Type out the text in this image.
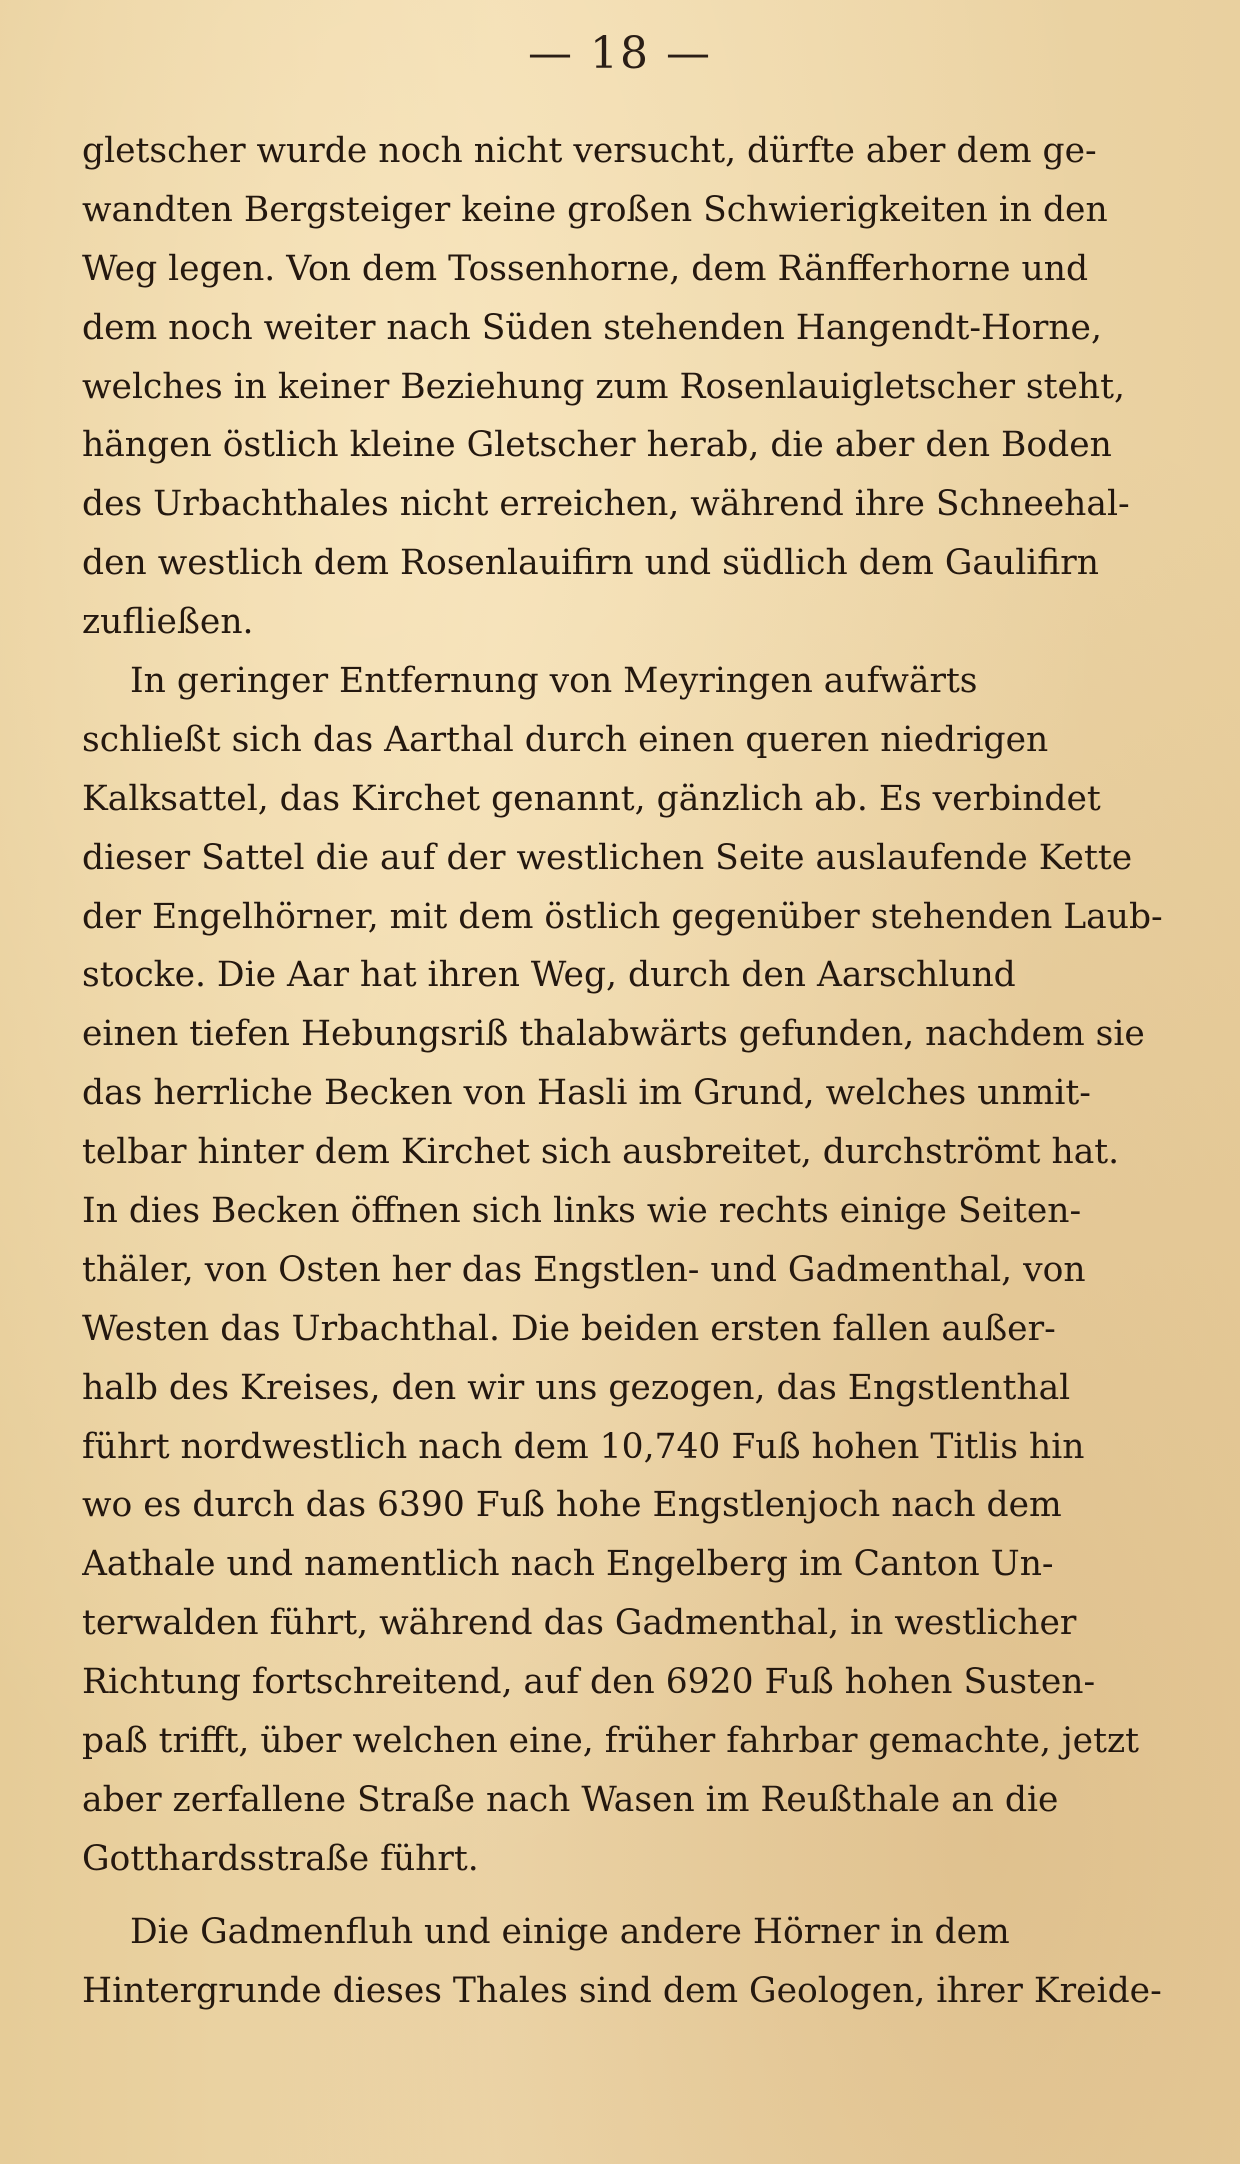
— 18 —
gletscher wurde noch nicht versucht, dürfte aber dem ge-
wandten Bergsteiger keine großen Schwierigkeiten in den
Weg legen. Von dem Tossenhorne, dem Ränfferhorne und
dem noch weiter nach Süden stehenden Hangendt-Horne,
welches in keiner Beziehung zum Rosenlauigletscher steht,
hängen östlich kleine Gletscher herab, die aber den Boden
des Urbachthales nicht erreichen, während ihre Schneehal-
den westlich dem Rosenlauifirn und südlich dem Gaulifirn
zufließen.
In geringer Entfernung von Meyringen aufwärts
schließt sich das Aarthal durch einen queren niedrigen
Kalksattel, das Kirchet genannt, gänzlich ab. Es verbindet
dieser Sattel die auf der westlichen Seite auslaufende Kette
der Engelhörner, mit dem östlich gegenüber stehenden Laub-
stocke. Die Aar hat ihren Weg, durch den Aarschlund
einen tiefen Hebungsriß thalabwärts gefunden, nachdem sie
das herrliche Becken von Hasli im Grund, welches unmit-
telbar hinter dem Kirchet sich ausbreitet, durchströmt hat.
In dies Becken öffnen sich links wie rechts einige Seiten-
thäler, von Osten her das Engstlen- und Gadmenthal, von
Westen das Urbachthal. Die beiden ersten fallen außer-
halb des Kreises, den wir uns gezogen, das Engstlenthal
führt nordwestlich nach dem 10,740 Fuß hohen Titlis hin
wo es durch das 6390 Fuß hohe Engstlenjoch nach dem
Aathale und namentlich nach Engelberg im Canton Un-
terwalden führt, während das Gadmenthal, in westlicher
Richtung fortschreitend, auf den 6920 Fuß hohen Susten-
paß trifft, über welchen eine, früher fahrbar gemachte, jetzt
aber zerfallene Straße nach Wasen im Reußthale an die
Gotthardsstraße führt.
Die Gadmenfluh und einige andere Hörner in dem
Hintergrunde dieses Thales sind dem Geologen, ihrer Kreide-
